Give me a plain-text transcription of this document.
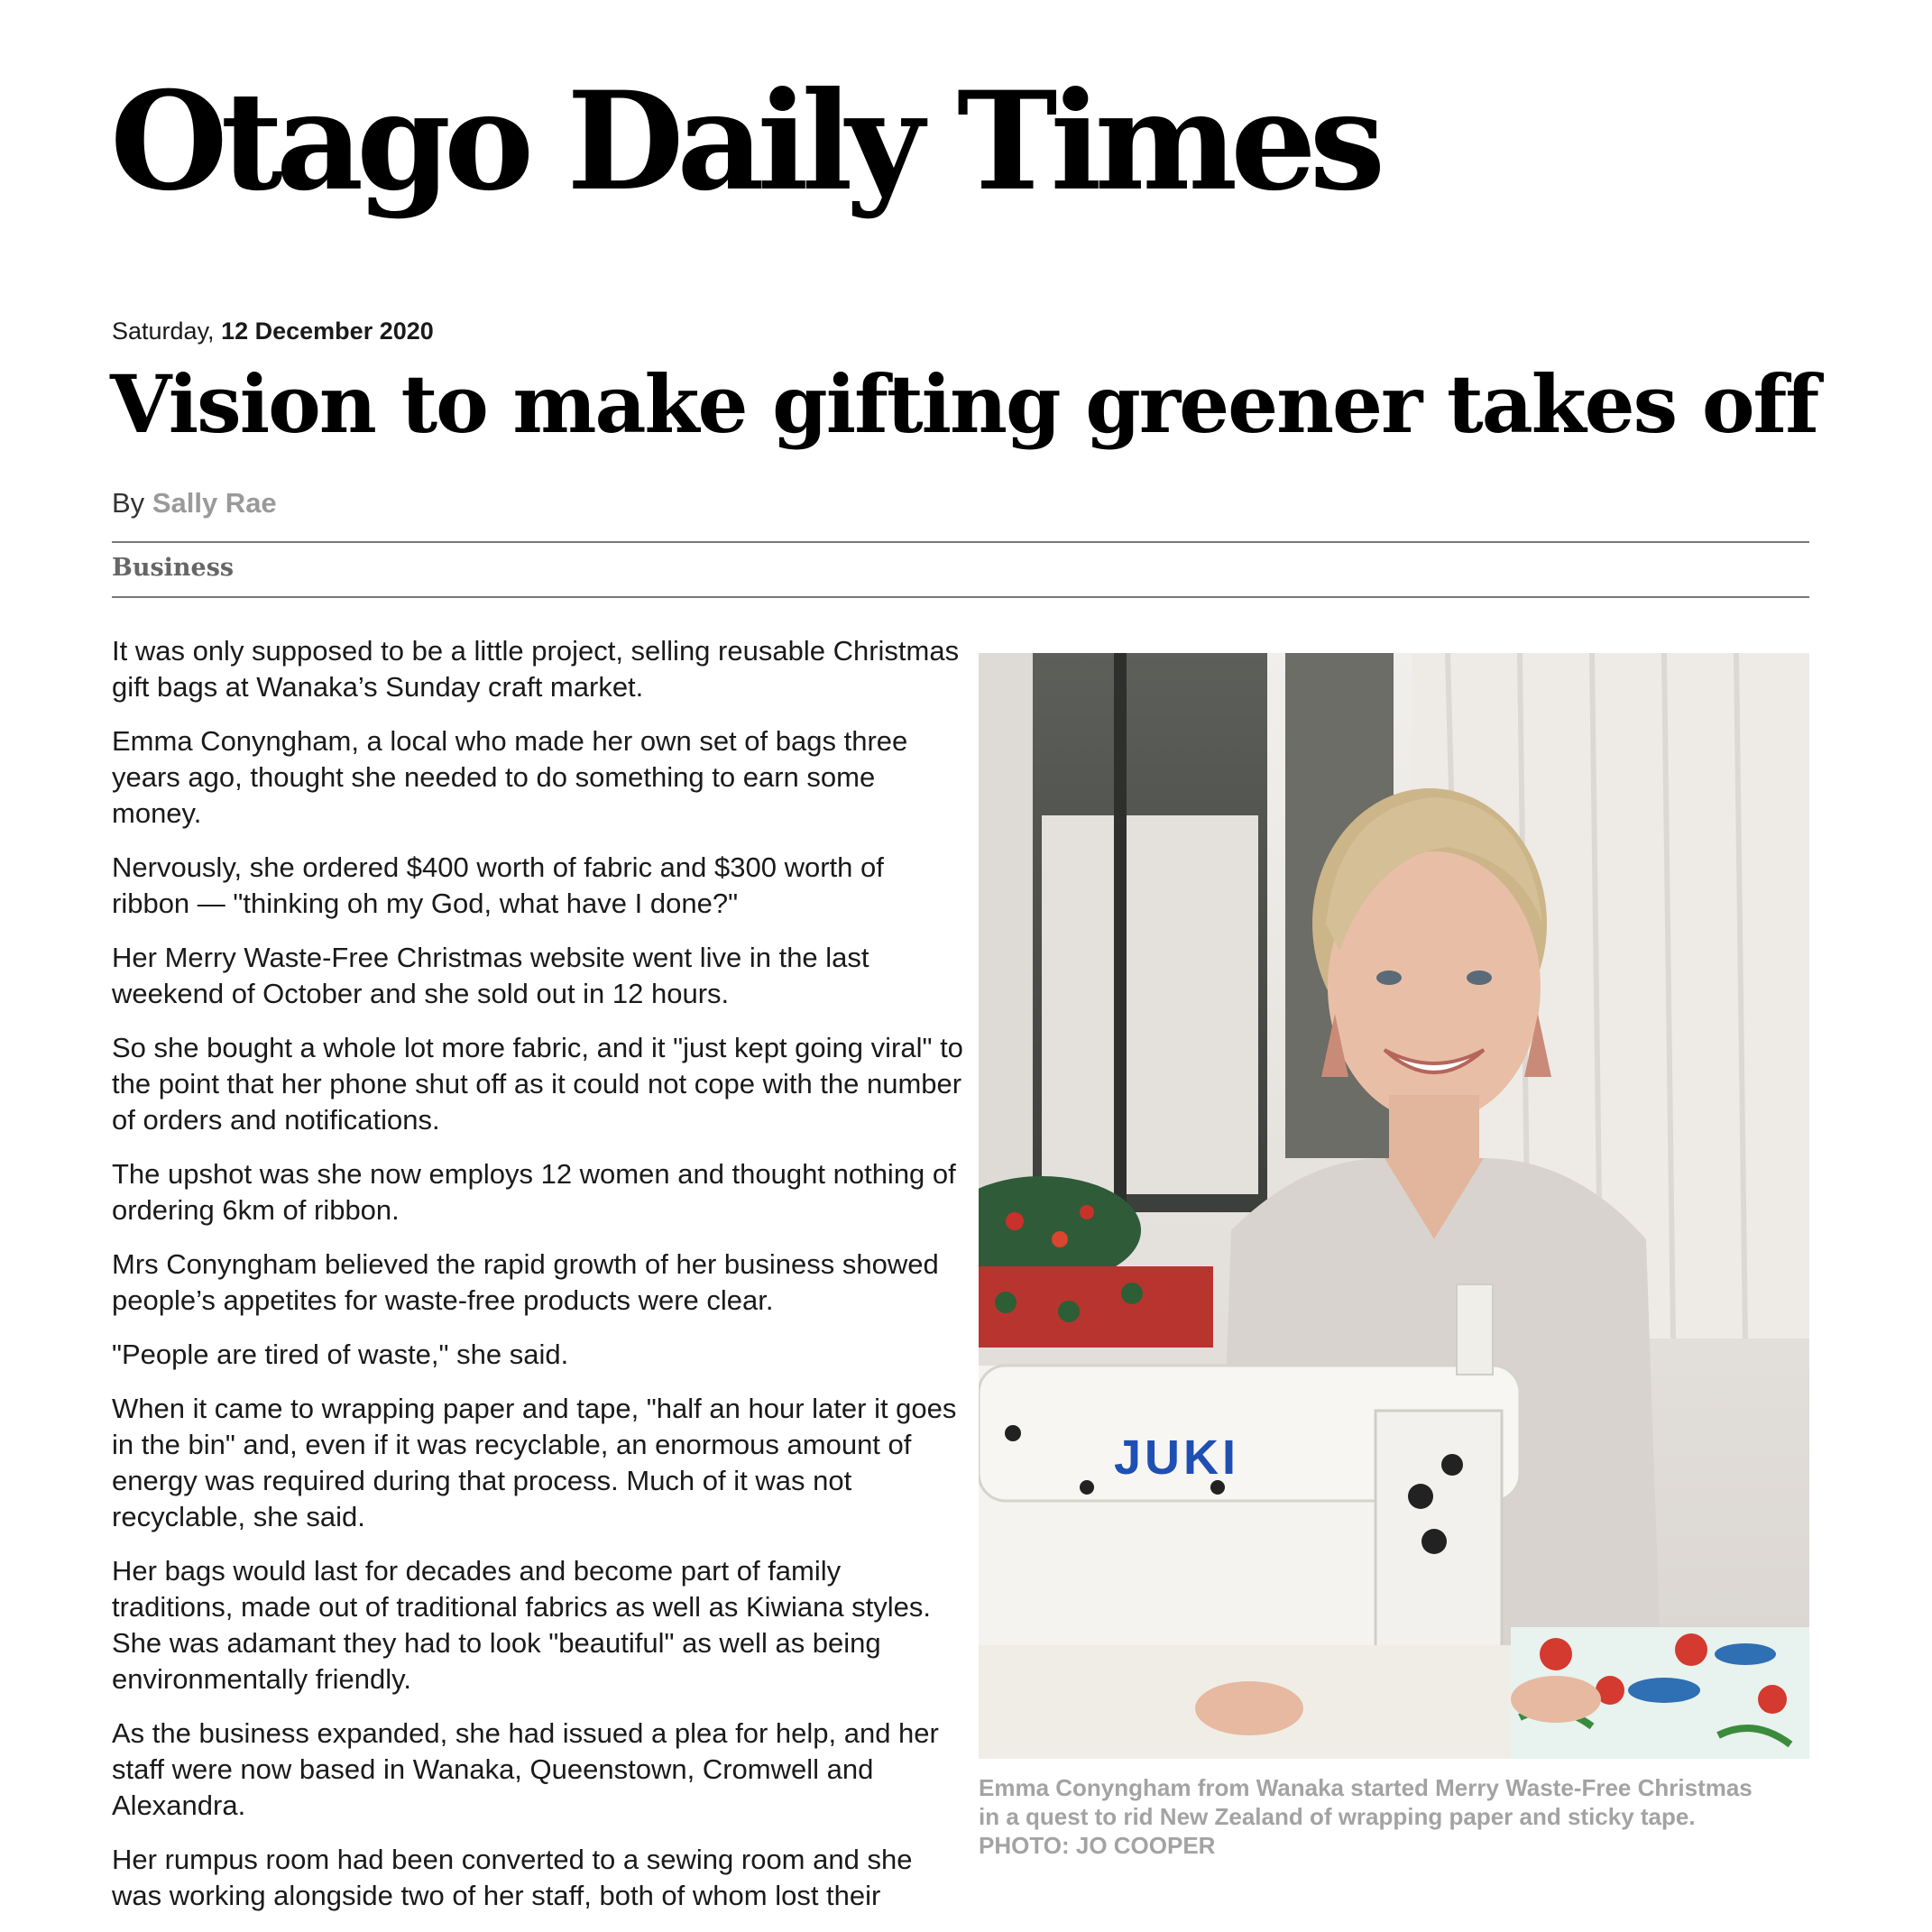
Otago Daily Times
Saturday, 12 December 2020
Vision to make gifting greener takes off
By Sally Rae
Business

It was only supposed to be a little project, selling reusable Christmas gift bags at Wanaka’s Sunday craft market.

Emma Conyngham, a local who made her own set of bags three years ago, thought she needed to do something to earn some money.

Nervously, she ordered $400 worth of fabric and $300 worth of ribbon — "thinking oh my God, what have I done?"

Her Merry Waste-Free Christmas website went live in the last weekend of October and she sold out in 12 hours.

So she bought a whole lot more fabric, and it "just kept going viral" to the point that her phone shut off as it could not cope with the number of orders and notifications.

The upshot was she now employs 12 women and thought nothing of ordering 6km of ribbon.

Mrs Conyngham believed the rapid growth of her business showed people’s appetites for waste-free products were clear.

"People are tired of waste," she said.

When it came to wrapping paper and tape, "half an hour later it goes in the bin" and, even if it was recyclable, an enormous amount of energy was required during that process. Much of it was not recyclable, she said.

Her bags would last for decades and become part of family traditions, made out of traditional fabrics as well as Kiwiana styles. She was adamant they had to look "beautiful" as well as being environmentally friendly.

As the business expanded, she had issued a plea for help, and her staff were now based in Wanaka, Queenstown, Cromwell and Alexandra.

Her rumpus room had been converted to a sewing room and she was working alongside two of her staff, both of whom lost their

JUKI
Emma Conyngham from Wanaka started Merry Waste-Free Christmas
in a quest to rid New Zealand of wrapping paper and sticky tape.
PHOTO: JO COOPER
